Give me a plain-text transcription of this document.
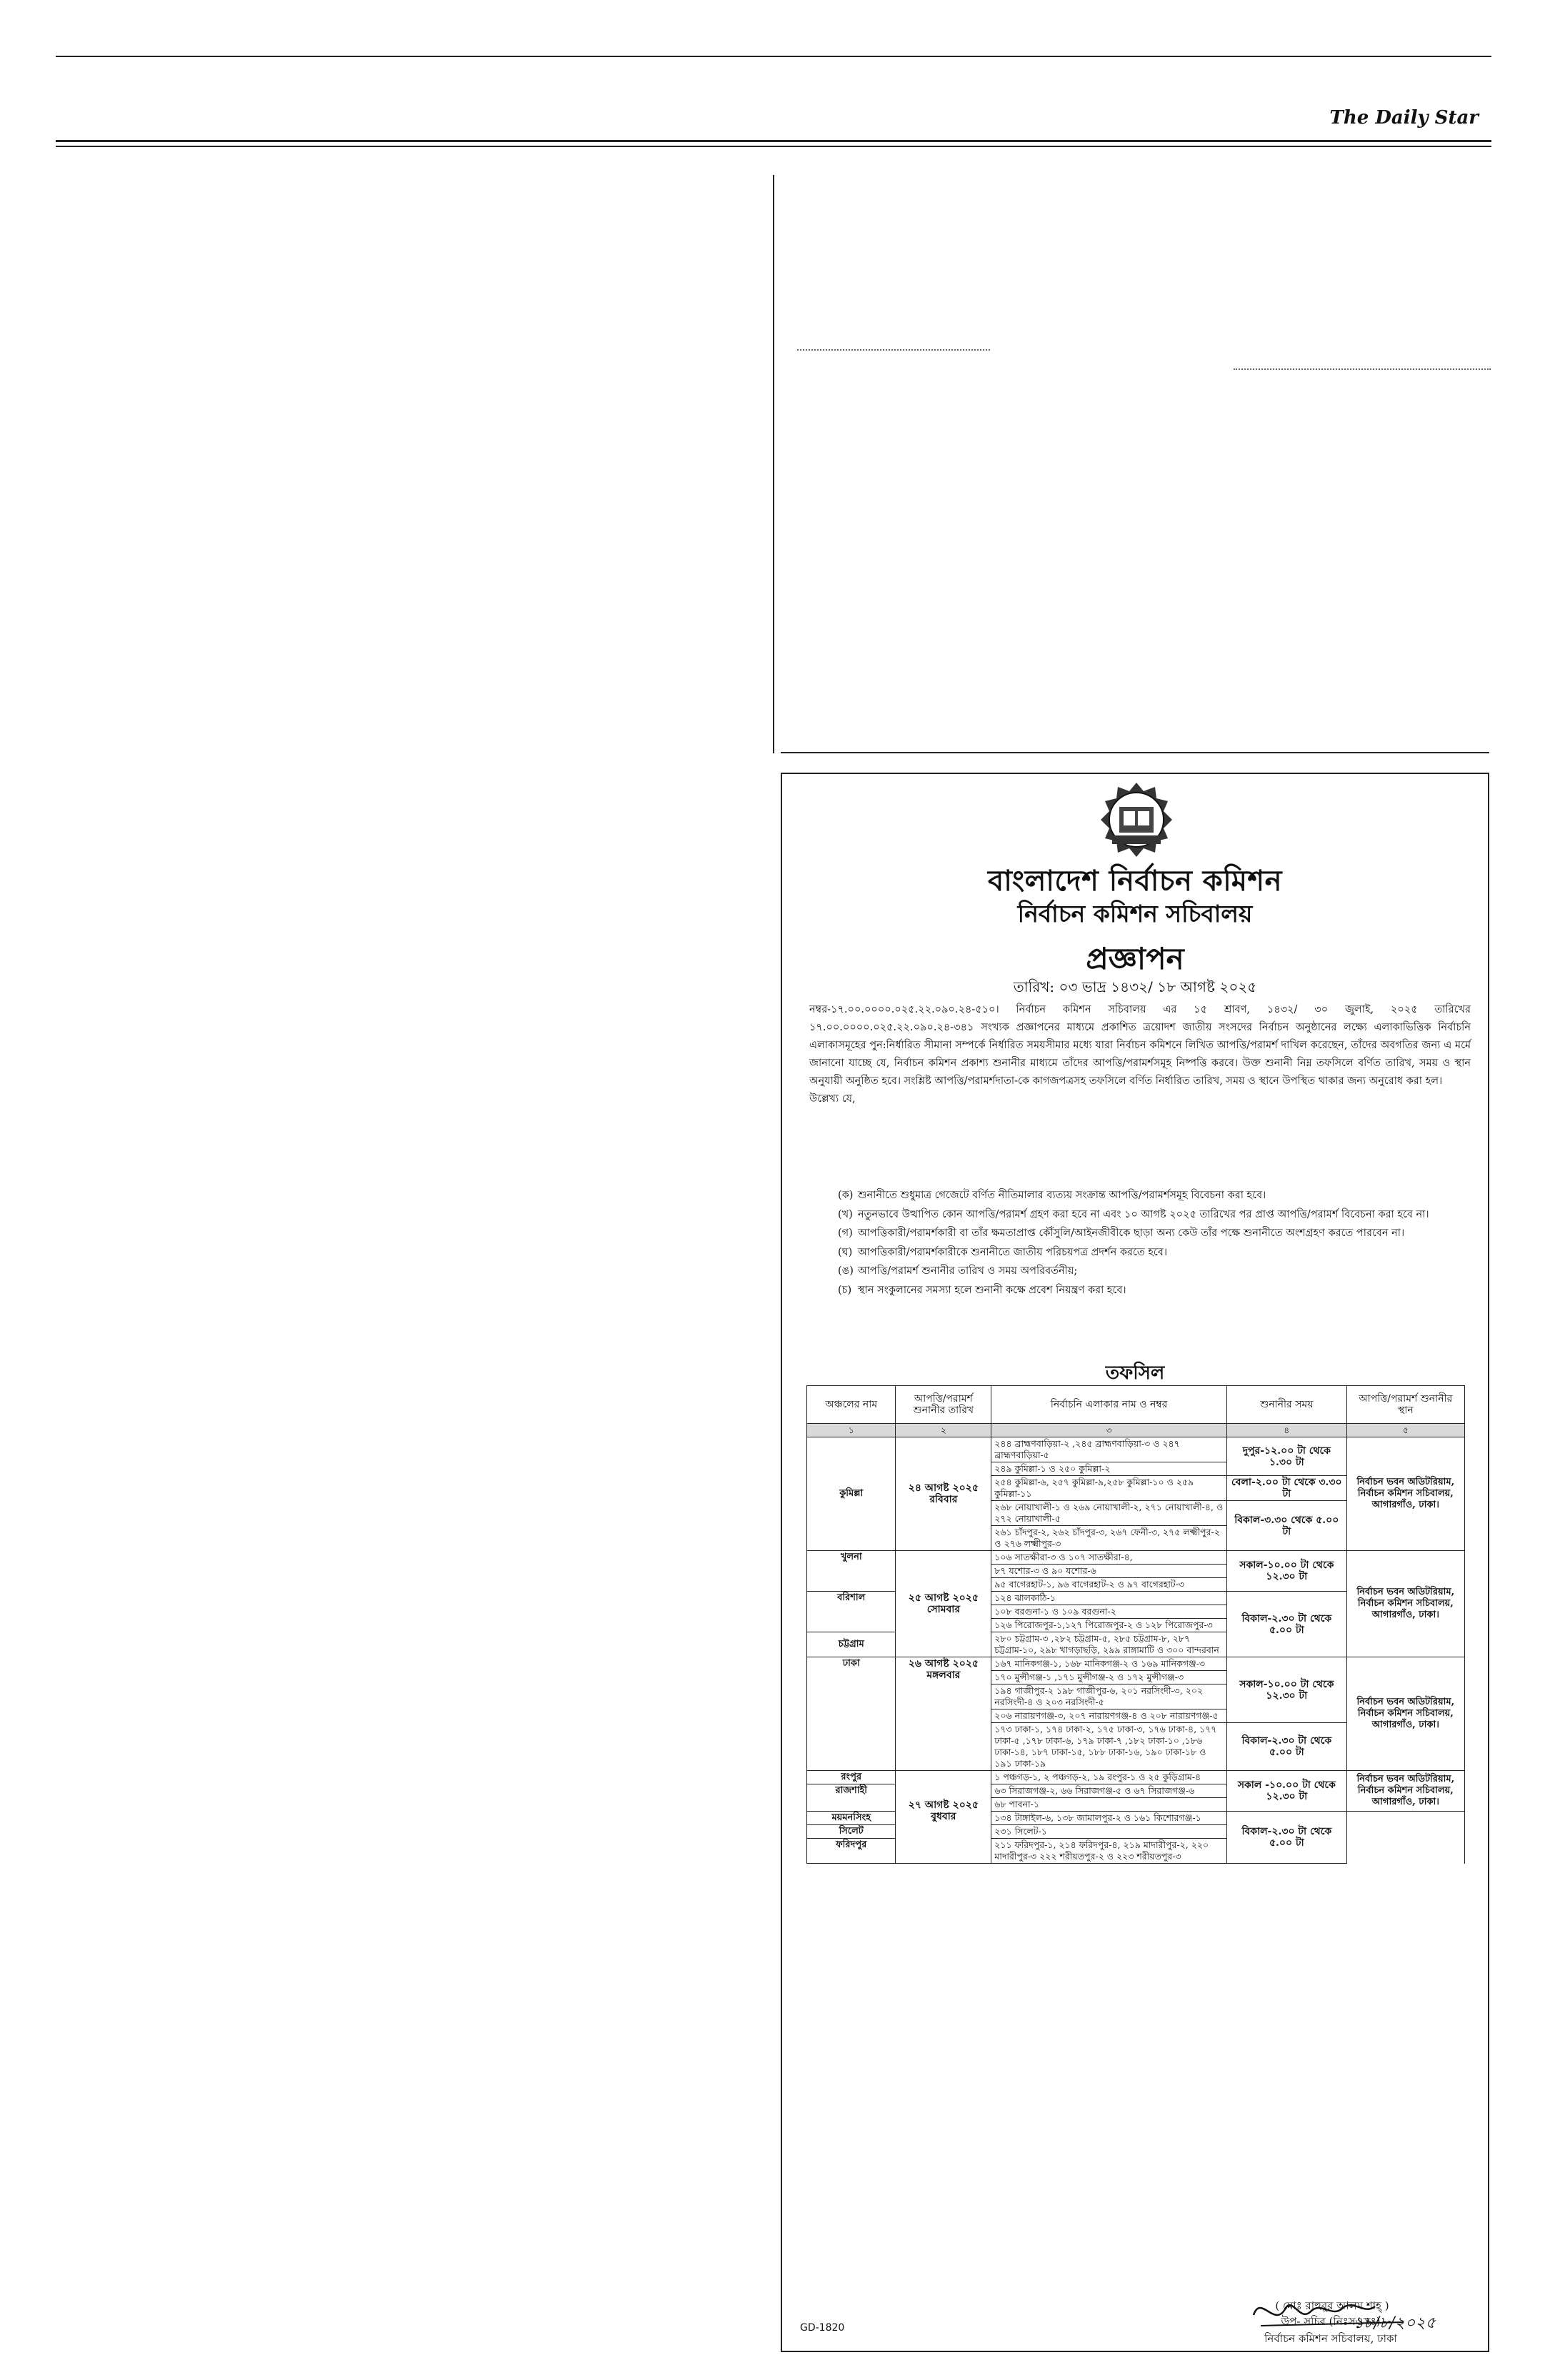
The Daily Star
বাংলাদেশ নির্বাচন কমিশন
নির্বাচন কমিশন সচিবালয়
প্রজ্ঞাপন
তারিখ: ০৩ ভাদ্র ১৪৩২/ ১৮ আগষ্ট ২০২৫

নম্বর-১৭.০০.০০০০.০২৫.২২.০৯০.২৪-৫১০। নির্বাচন কমিশন সচিবালয় এর ১৫ শ্রাবণ, ১৪৩২/ ৩০ জুলাই, ২০২৫ তারিখের ১৭.০০.০০০০.০২৫.২২.০৯০.২৪-৩৪১ সংখ্যক প্রজ্ঞাপনের মাধ্যমে প্রকাশিত ত্রয়োদশ জাতীয় সংসদের নির্বাচন অনুষ্ঠানের লক্ষ্যে এলাকাভিত্তিক নির্বাচনি এলাকাসমূহের পুন:নির্ধারিত সীমানা সম্পর্কে নির্ধারিত সময়সীমার মধ্যে যারা নির্বাচন কমিশনে লিখিত আপত্তি/পরামর্শ দাখিল করেছেন, তাঁদের অবগতির জন্য এ মর্মে জানানো যাচ্ছে যে, নির্বাচন কমিশন প্রকাশ্য শুনানীর মাধ্যমে তাঁদের আপত্তি/পরামর্শসমূহ নিষ্পত্তি করবে। উক্ত শুনানী নিম্ন তফসিলে বর্ণিত তারিখ, সময় ও স্থান অনুযায়ী অনুষ্ঠিত হবে। সংশ্লিষ্ট আপত্তি/পরামর্শদাতা-কে কাগজপত্রসহ তফসিলে বর্ণিত নির্ধারিত তারিখ, সময় ও স্থানে উপস্থিত থাকার জন্য অনুরোধ করা হল।

উল্লেখ্য যে,

(ক) শুনানীতে শুধুমাত্র গেজেটে বর্ণিত নীতিমালার ব্যত্যয় সংক্রান্ত আপত্তি/পরামর্শসমূহ বিবেচনা করা হবে।
(খ) নতুনভাবে উত্থাপিত কোন আপত্তি/পরামর্শ গ্রহণ করা হবে না এবং ১০ আগষ্ট ২০২৫ তারিখের পর প্রাপ্ত আপত্তি/পরামর্শ বিবেচনা করা হবে না।
(গ) আপত্তিকারী/পরামর্শকারী বা তাঁর ক্ষমতাপ্রাপ্ত কৌঁসুলি/আইনজীবীকে ছাড়া অন্য কেউ তাঁর পক্ষে শুনানীতে অংশগ্রহণ করতে পারবেন না।
(ঘ) আপত্তিকারী/পরামর্শকারীকে শুনানীতে জাতীয় পরিচয়পত্র প্রদর্শন করতে হবে।
(ঙ) আপত্তি/পরামর্শ শুনানীর তারিখ ও সময় অপরিবর্তনীয়;
(চ) স্থান সংকুলানের সমস্যা হলে শুনানী কক্ষে প্রবেশ নিয়ন্ত্রণ করা হবে।
তফসিল
অঞ্চলের নাম	আপত্তি/পরামর্শ শুনানীর তারিখ	নির্বাচনি এলাকার নাম ও নম্বর	শুনানীর সময়	আপত্তি/পরামর্শ শুনানীর স্থান
১	২	৩	৪	৫
কুমিল্লা	২৪ আগষ্ট ২০২৫ রবিবার	২৪৪ ব্রাহ্মণবাড়িয়া-২ ,২৪৫ ব্রাহ্মণবাড়িয়া-৩ ও ২৪৭ ব্রাহ্মণবাড়িয়া-৫	দুপুর-১২.০০ টা থেকে ১.৩০ টা	নির্বাচন ভবন অডিটরিয়াম, নির্বাচন কমিশন সচিবালয়, আগারগাঁও, ঢাকা।
		২৪৯ কুমিল্লা-১ ও ২৫০ কুমিল্লা-২		
		২৫৪ কুমিল্লা-৬, ২৫৭ কুমিল্লা-৯,২৫৮ কুমিল্লা-১০ ও ২৫৯ কুমিল্লা-১১	বেলা-২.০০ টা থেকে ৩.৩০ টা	
		২৬৮ নোয়াখালী-১ ও ২৬৯ নোয়াখালী-২, ২৭১ নোয়াখালী-৪, ও ২৭২ নোয়াখালী-৫	বিকাল-৩.৩০ থেকে ৫.০০ টা	
		২৬১ চাঁদপুর-২, ২৬২ চাঁদপুর-৩, ২৬৭ ফেনী-৩, ২৭৫ লক্ষ্মীপুর-২ ও ২৭৬ লক্ষ্মীপুর-৩		
খুলনা	২৫ আগষ্ট ২০২৫ সোমবার	১০৬ সাতক্ষীরা-৩ ও ১০৭ সাতক্ষীরা-৪,	সকাল-১০.০০ টা থেকে ১২.৩০ টা	নির্বাচন ভবন অডিটরিয়াম, নির্বাচন কমিশন সচিবালয়, আগারগাঁও, ঢাকা।
		৮৭ যশোর-৩ ও ৯০ যশোর-৬		
		৯৫ বাগেরহাট-১, ৯৬ বাগেরহাট-২ ও ৯৭ বাগেরহাট-৩		
বরিশাল		১২৪ ঝালকাঠি-১	বিকাল-২.৩০ টা থেকে ৫.০০ টা	
		১০৮ বরগুনা-১ ও ১০৯ বরগুনা-২		
		১২৬ পিরোজপুর-১,১২৭ পিরোজপুর-২ ও ১২৮ পিরোজপুর-৩		
চট্টগ্রাম		২৮০ চট্টগ্রাম-৩ ,২৮২ চট্টগ্রাম-৫, ২৮৫ চট্টগ্রাম-৮, ২৮৭ চট্টগ্রাম-১০, ২৯৮ খাগড়াছড়ি, ২৯৯ রাঙ্গামাটি ও ৩০০ বান্দরবান		
ঢাকা	২৬ আগষ্ট ২০২৫ মঙ্গলবার	১৬৭ মানিকগঞ্জ-১, ১৬৮ মানিকগঞ্জ-২ ও ১৬৯ মানিকগঞ্জ-৩	সকাল-১০.০০ টা থেকে ১২.৩০ টা	নির্বাচন ভবন অডিটরিয়াম, নির্বাচন কমিশন সচিবালয়, আগারগাঁও, ঢাকা।
		১৭০ মুন্সীগঞ্জ-১ ,১৭১ মুন্সীগঞ্জ-২ ও ১৭২ মুন্সীগঞ্জ-৩		
		১৯৪ গাজীপুর-২ ১৯৮ গাজীপুর-৬, ২০১ নরসিংদী-৩, ২০২ নরসিংদী-৪ ও ২০৩ নরসিংদী-৫		
		২০৬ নারায়ণগঞ্জ-৩, ২০৭ নারায়ণগঞ্জ-৪ ও ২০৮ নারায়ণগঞ্জ-৫		
		১৭৩ ঢাকা-১, ১৭৪ ঢাকা-২, ১৭৫ ঢাকা-৩, ১৭৬ ঢাকা-৪, ১৭৭ ঢাকা-৫ ,১৭৮ ঢাকা-৬, ১৭৯ ঢাকা-৭ ,১৮২ ঢাকা-১০ ,১৮৬ ঢাকা-১৪, ১৮৭ ঢাকা-১৫, ১৮৮ ঢাকা-১৬, ১৯০ ঢাকা-১৮ ও ১৯১ ঢাকা-১৯	বিকাল-২.৩০ টা থেকে ৫.০০ টা	
রংপুর	২৭ আগষ্ট ২০২৫ বুধবার	১ পঞ্চগড়-১, ২ পঞ্চগড়-২, ১৯ রংপুর-১ ও ২৫ কুড়িগ্রাম-৪	সকাল -১০.০০ টা থেকে ১২.৩০ টা	নির্বাচন ভবন অডিটরিয়াম, নির্বাচন কমিশন সচিবালয়, আগারগাঁও, ঢাকা।
রাজশাহী		৬৩ সিরাজগঞ্জ-২, ৬৬ সিরাজগঞ্জ-৫ ও ৬৭ সিরাজগঞ্জ-৬		
		৬৮ পাবনা-১		
ময়মনসিংহ		১৩৪ টাঙ্গাইল-৬, ১৩৮ জামালপুর-২ ও ১৬১ কিশোরগঞ্জ-১	বিকাল-২.৩০ টা থেকে ৫.০০ টা	
সিলেট		২৩১ সিলেট-১		
ফরিদপুর		২১১ ফরিদপুর-১, ২১৪ ফরিদপুর-৪, ২১৯ মাদারীপুর-২, ২২০ মাদারীপুর-৩ ২২২ শরীয়তপুর-২ ও ২২৩ শরীয়তপুর-৩		
১৮/৮/২০২৫
( মোঃ রাহুবুর আলম শাহ্ )
উপ- সচিব (নিঃসওসঃ)
নির্বাচন কমিশন সচিবালয়, ঢাকা
GD-1820
